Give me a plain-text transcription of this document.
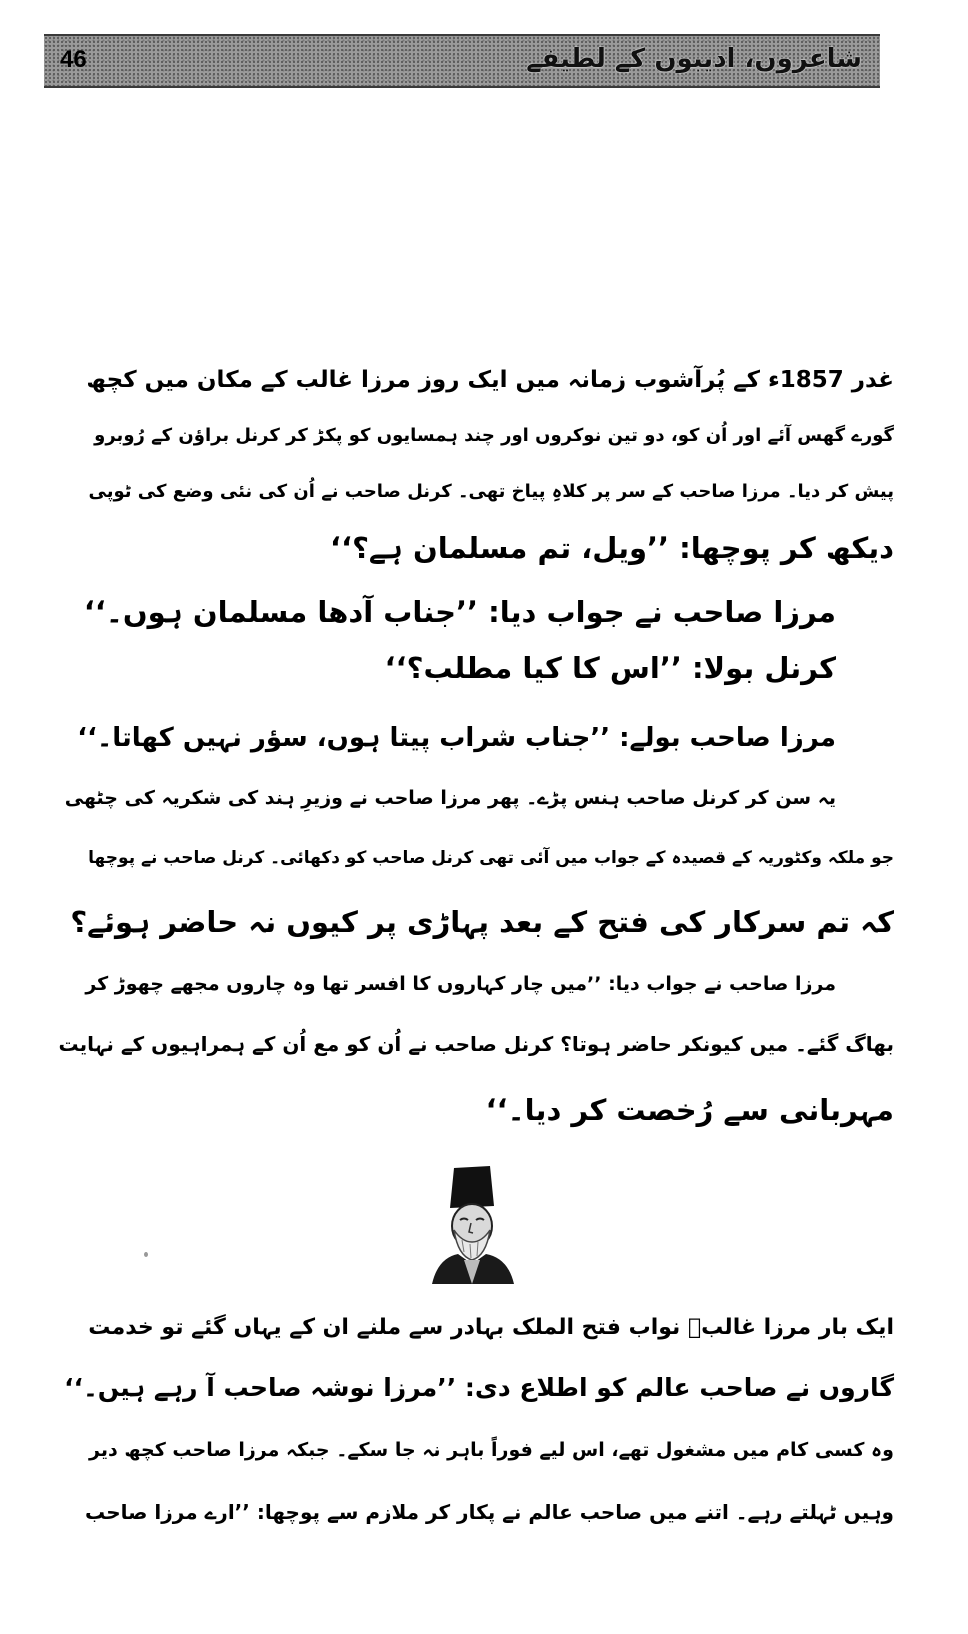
46	شاعروں، ادیبوں کے لطیفے
غدر 1857ء کے پُرآشوب زمانہ میں ایک روز مرزا غالب کے مکان میں کچھ
گورے گھس آئے اور اُن کو، دو تین نوکروں اور چند ہمسایوں کو پکڑ کر کرنل براؤن کے رُوبرو
پیش کر دیا۔ مرزا صاحب کے سر پر کلاہِ پیاخ تھی۔ کرنل صاحب نے اُن کی نئی وضع کی ٹوپی
دیکھ کر پوچھا: ’’ویل، تم مسلمان ہے؟‘‘
مرزا صاحب نے جواب دیا: ’’جناب آدھا مسلمان ہوں۔‘‘
کرنل بولا: ’’اس کا کیا مطلب؟‘‘
مرزا صاحب بولے: ’’جناب شراب پیتا ہوں، سؤر نہیں کھاتا۔‘‘
یہ سن کر کرنل صاحب ہنس پڑے۔ پھر مرزا صاحب نے وزیرِ ہند کی شکریہ کی چٹھی
جو ملکہ وکٹوریہ کے قصیدہ کے جواب میں آئی تھی کرنل صاحب کو دکھائی۔ کرنل صاحب نے پوچھا
کہ تم سرکار کی فتح کے بعد پہاڑی پر کیوں نہ حاضر ہوئے؟
مرزا صاحب نے جواب دیا: ’’میں چار کہاروں کا افسر تھا وہ چاروں مجھے چھوڑ کر
بھاگ گئے۔ میں کیونکر حاضر ہوتا؟ کرنل صاحب نے اُن کو مع اُن کے ہمراہیوں کے نہایت
مہربانی سے رُخصت کر دیا۔‘‘
ایک بار مرزا غالبؔ نواب فتح الملک بہادر سے ملنے ان کے یہاں گئے تو خدمت
گاروں نے صاحب عالم کو اطلاع دی: ’’مرزا نوشہ صاحب آ رہے ہیں۔‘‘
وہ کسی کام میں مشغول تھے، اس لیے فوراً باہر نہ جا سکے۔ جبکہ مرزا صاحب کچھ دیر
وہیں ٹہلتے رہے۔ اتنے میں صاحب عالم نے پکار کر ملازم سے پوچھا: ’’ارے مرزا صاحب
